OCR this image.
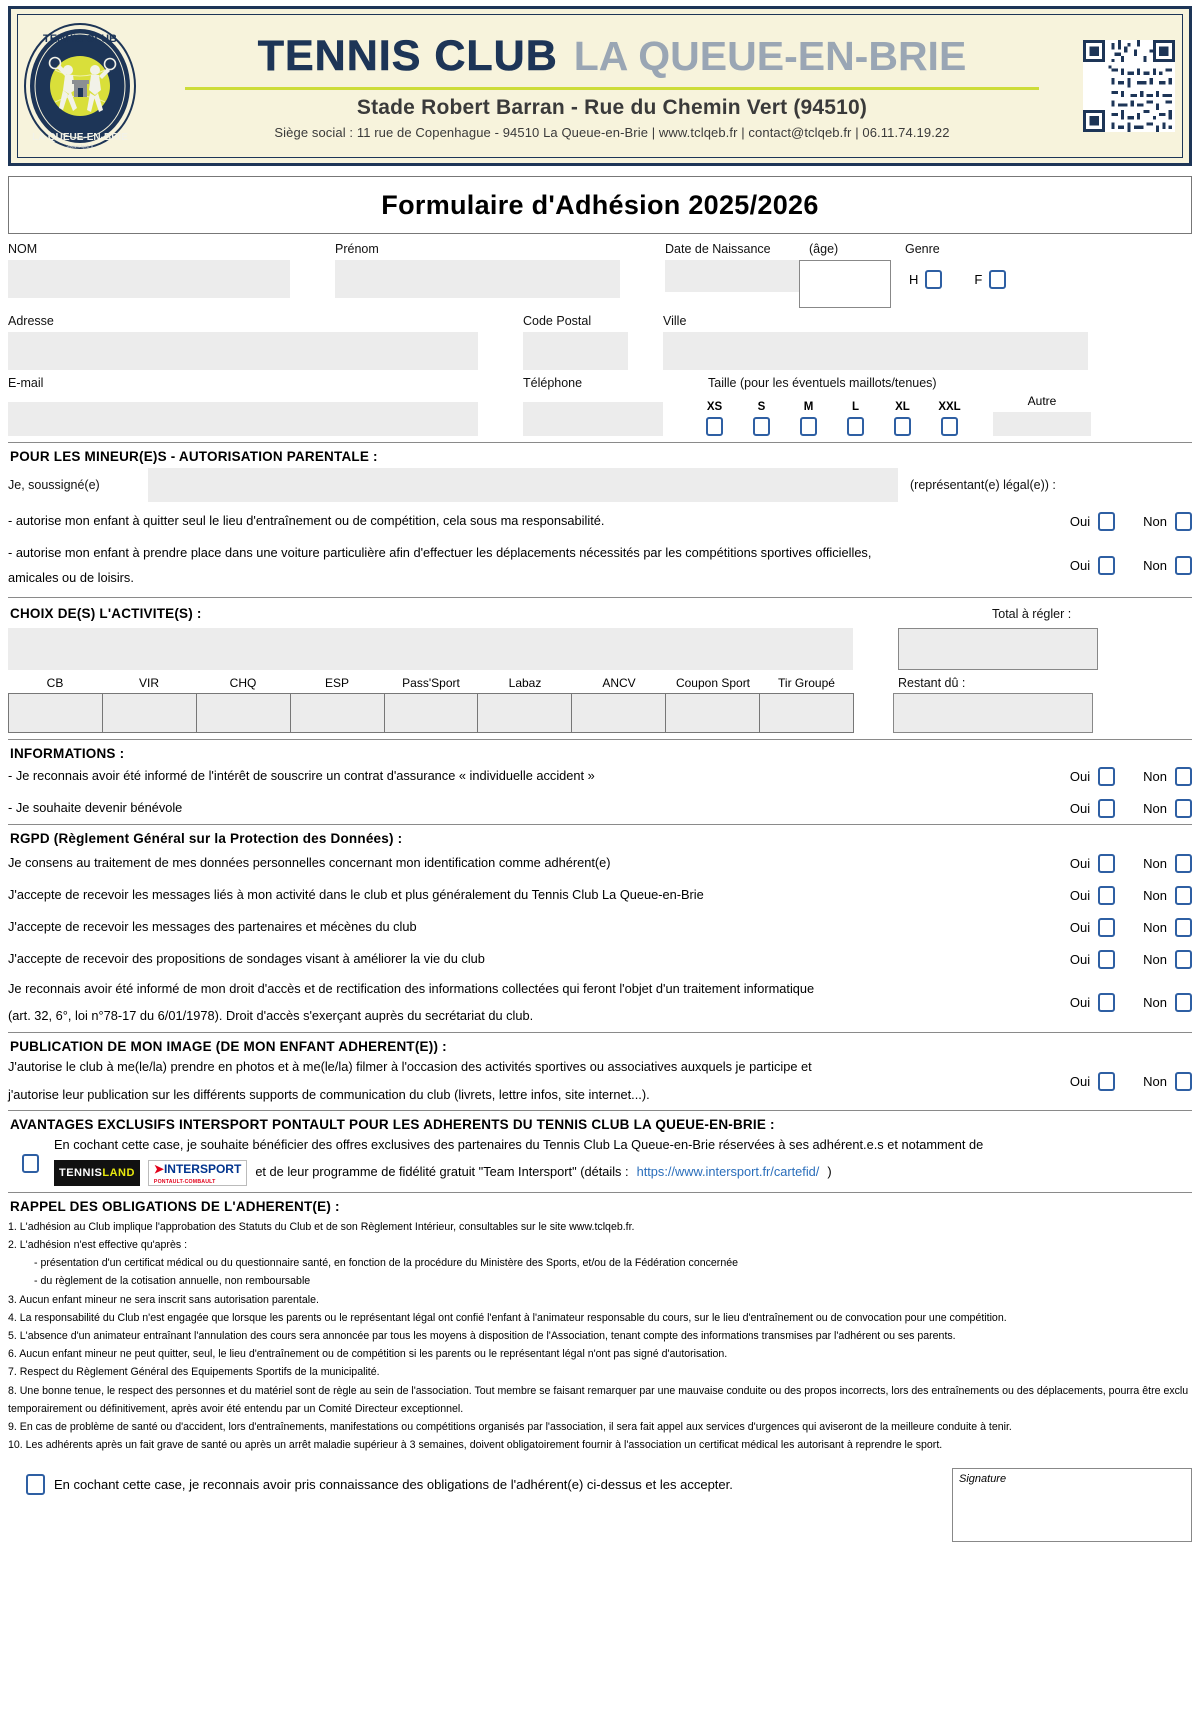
TENNIS CLUB
LA QUEUE-EN-BRIE
www.tclqeb.fr
TENNIS CLUB LA QUEUE-EN-BRIE
Stade Robert Barran - Rue du Chemin Vert (94510)
Siège social : 11 rue de Copenhague - 94510 La Queue-en-Brie | www.tclqeb.fr | contact@tclqeb.fr | 06.11.74.19.22
Formulaire d'Adhésion 2025/2026
NOM	Prénom	Date de Naissance	(âge)	Genre
H	F
Adresse	Code Postal	Ville
E-mail	Téléphone	Taille (pour les éventuels maillots/tenues)
XS	S	M	L	XL	XXL	Autre
POUR LES MINEUR(E)S - AUTORISATION PARENTALE :
Je, soussigné(e)	(représentant(e) légal(e)) :
- autorise mon enfant à quitter seul le lieu d'entraînement ou de compétition, cela sous ma responsabilité.	Oui	Non
- autorise mon enfant à prendre place dans une voiture particulière afin d'effectuer les déplacements nécessités par les compétitions sportives officielles, amicales ou de loisirs.
Oui	Non
CHOIX DE(S) L'ACTIVITE(S) :	Total à régler :
CB	VIR	CHQ	ESP	Pass'Sport	Labaz	ANCV	Coupon Sport	Tir Groupé	Restant dû :
INFORMATIONS :
- Je reconnais avoir été informé de l'intérêt de souscrire un contrat d'assurance « individuelle accident »	Oui	Non
- Je souhaite devenir bénévole	Oui	Non
RGPD (Règlement Général sur la Protection des Données) :
Je consens au traitement de mes données personnelles concernant mon identification comme adhérent(e)	Oui	Non
J'accepte de recevoir les messages liés à mon activité dans le club et plus généralement du Tennis Club La Queue-en-Brie	Oui	Non
J'accepte de recevoir les messages des partenaires et mécènes du club	Oui	Non
J'accepte de recevoir des propositions de sondages visant à améliorer la vie du club	Oui	Non
Je reconnais avoir été informé de mon droit d'accès et de rectification des informations collectées qui feront l'objet d'un traitement informatique
(art. 32, 6°, loi n°78-17 du 6/01/1978). Droit d'accès s'exerçant auprès du secrétariat du club.
Oui	Non
PUBLICATION DE MON IMAGE (DE MON ENFANT ADHERENT(E)) :
J'autorise le club à me(le/la) prendre en photos et à me(le/la) filmer à l'occasion des activités sportives ou associatives auxquels je participe et
j'autorise leur publication sur les différents supports de communication du club (livrets, lettre infos, site internet...).
Oui	Non
AVANTAGES EXCLUSIFS INTERSPORT PONTAULT POUR LES ADHERENTS DU TENNIS CLUB LA QUEUE-EN-BRIE :
En cochant cette case, je souhaite bénéficier des offres exclusives des partenaires du Tennis Club La Queue-en-Brie réservées à ses adhérent.e.s et notamment de
TENNISLAND	➤INTERSPORT
PONTAULT-COMBAULT
et de leur programme de fidélité gratuit "Team Intersport" (détails : https://www.intersport.fr/cartefid/ )
RAPPEL DES OBLIGATIONS DE L'ADHERENT(E) :
1. L'adhésion au Club implique l'approbation des Statuts du Club et de son Règlement Intérieur, consultables sur le site www.tclqeb.fr.
2. L'adhésion n'est effective qu'après :
- présentation d'un certificat médical ou du questionnaire santé, en fonction de la procédure du Ministère des Sports, et/ou de la Fédération concernée
- du règlement de la cotisation annuelle, non remboursable
3. Aucun enfant mineur ne sera inscrit sans autorisation parentale.
4. La responsabilité du Club n'est engagée que lorsque les parents ou le représentant légal ont confié l'enfant à l'animateur responsable du cours, sur le lieu d'entraînement ou de convocation pour une compétition.
5. L'absence d'un animateur entraînant l'annulation des cours sera annoncée par tous les moyens à disposition de l'Association, tenant compte des informations transmises par l'adhérent ou ses parents.
6. Aucun enfant mineur ne peut quitter, seul, le lieu d'entraînement ou de compétition si les parents ou le représentant légal n'ont pas signé d'autorisation.
7. Respect du Règlement Général des Equipements Sportifs de la municipalité.
8. Une bonne tenue, le respect des personnes et du matériel sont de règle au sein de l'association. Tout membre se faisant remarquer par une mauvaise conduite ou des propos incorrects, lors des entraînements ou des déplacements, pourra être exclu temporairement ou définitivement, après avoir été entendu par un Comité Directeur exceptionnel.
9. En cas de problème de santé ou d'accident, lors d'entraînements, manifestations ou compétitions organisés par l'association, il sera fait appel aux services d'urgences qui aviseront de la meilleure conduite à tenir.
10. Les adhérents après un fait grave de santé ou après un arrêt maladie supérieur à 3 semaines, doivent obligatoirement fournir à l'association un certificat médical les autorisant à reprendre le sport.
En cochant cette case, je reconnais avoir pris connaissance des obligations de l'adhérent(e) ci-dessus et les accepter.	Signature
